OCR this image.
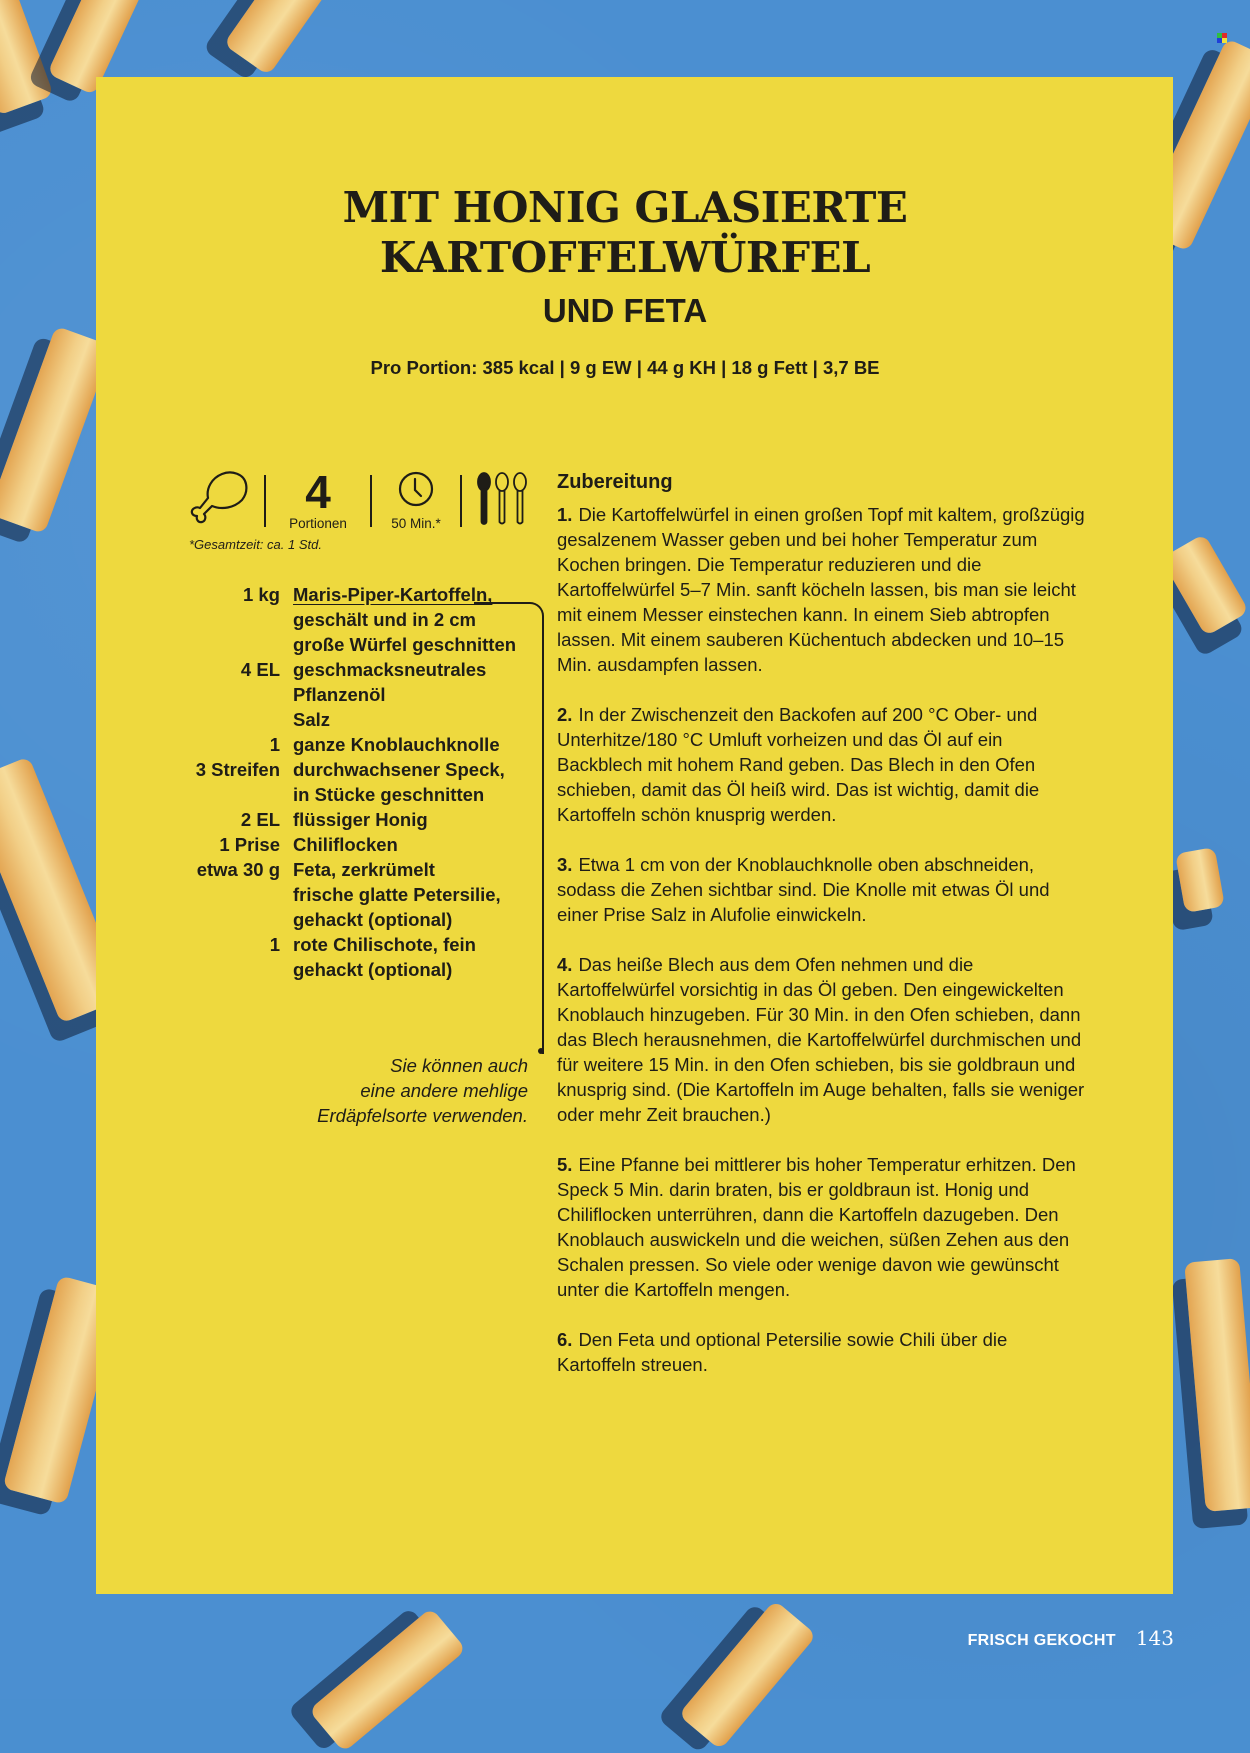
MIT HONIG GLASIERTE
KARTOFFELWÜRFEL
UND FETA
Pro Portion: 385 kcal | 9 g EW | 44 g KH | 18 g Fett | 3,7 BE
4
Portionen	50 Min.*
*Gesamtzeit: ca. 1 Std.
1 kg Maris-Piper-Kartoffeln,
geschält und in 2 cm
große Würfel geschnitten
4 EL geschmacksneutrales
Pflanzenöl
Salz
1 ganze Knoblauchknolle
3 Streifen durchwachsener Speck,
in Stücke geschnitten
2 EL flüssiger Honig
1 Prise Chiliflocken
etwa 30 g Feta, zerkrümelt
frische glatte Petersilie,
gehackt (optional)
1 rote Chilischote, fein
gehackt (optional)
Sie können auch
eine andere mehlige
Erdäpfelsorte verwenden.
Zubereitung
1. Die Kartoffelwürfel in einen großen Topf mit kaltem, großzügig gesalzenem Wasser geben und bei hoher Temperatur zum Kochen bringen. Die Temperatur reduzieren und die Kartoffelwürfel 5–7 Min. sanft köcheln lassen, bis man sie leicht mit einem Messer einstechen kann. In einem Sieb abtropfen lassen. Mit einem sauberen Küchentuch abdecken und 10–15 Min. ausdampfen lassen.
2. In der Zwischenzeit den Backofen auf 200 °C Ober- und Unterhitze/180 °C Umluft vorheizen und das Öl auf ein Backblech mit hohem Rand geben. Das Blech in den Ofen schieben, damit das Öl heiß wird. Das ist wichtig, damit die Kartoffeln schön knusprig werden.
3. Etwa 1 cm von der Knoblauchknolle oben abschneiden, sodass die Zehen sichtbar sind. Die Knolle mit etwas Öl und einer Prise Salz in Alufolie einwickeln.
4. Das heiße Blech aus dem Ofen nehmen und die Kartoffelwürfel vorsichtig in das Öl geben. Den eingewickelten Knoblauch hinzugeben. Für 30 Min. in den Ofen schieben, dann das Blech herausnehmen, die Kartoffelwürfel durchmischen und für weitere 15 Min. in den Ofen schieben, bis sie goldbraun und knusprig sind. (Die Kartoffeln im Auge behalten, falls sie weniger oder mehr Zeit brauchen.)
5. Eine Pfanne bei mittlerer bis hoher Temperatur erhitzen. Den Speck 5 Min. darin braten, bis er goldbraun ist. Honig und Chiliflocken unterrühren, dann die Kartoffeln dazugeben. Den Knoblauch auswickeln und die weichen, süßen Zehen aus den Schalen pressen. So viele oder wenige davon wie gewünscht unter die Kartoffeln mengen.
6. Den Feta und optional Petersilie sowie Chili über die Kartoffeln streuen.
FRISCH GEKOCHT 143
